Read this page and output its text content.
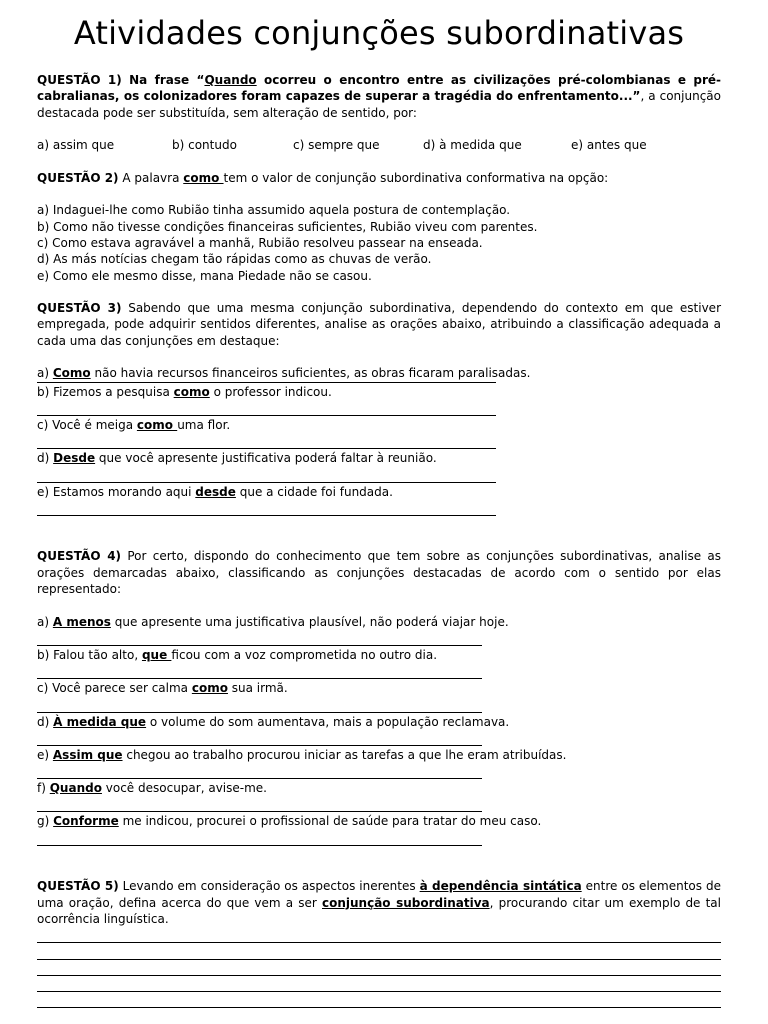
Atividades conjunções subordinativas

QUESTÃO 1) Na frase “Quando ocorreu o encontro entre as civilizações pré-colombianas e pré-cabralianas, os colonizadores foram capazes de superar a tragédia do enfrentamento...”, a conjunção destacada pode ser substituída, sem alteração de sentido, por:

a) assim que	b) contudo	c) sempre que	d) à medida que	e) antes que

QUESTÃO 2) A palavra como tem o valor de conjunção subordinativa conformativa na opção:

a) Indaguei-lhe como Rubião tinha assumido aquela postura de contemplação.

b) Como não tivesse condições financeiras suficientes, Rubião viveu com parentes.

c) Como estava agravável a manhã, Rubião resolveu passear na enseada.

d) As más notícias chegam tão rápidas como as chuvas de verão.

e) Como ele mesmo disse, mana Piedade não se casou.

QUESTÃO 3) Sabendo que uma mesma conjunção subordinativa, dependendo do contexto em que estiver empregada, pode adquirir sentidos diferentes, analise as orações abaixo, atribuindo a classificação adequada a cada uma das conjunções em destaque:

a) Como não havia recursos financeiros suficientes, as obras ficaram paralisadas.

b) Fizemos a pesquisa como o professor indicou.

c) Você é meiga como uma flor.

d) Desde que você apresente justificativa poderá faltar à reunião.

e) Estamos morando aqui desde que a cidade foi fundada.

QUESTÃO 4) Por certo, dispondo do conhecimento que tem sobre as conjunções subordinativas, analise as orações demarcadas abaixo, classificando as conjunções destacadas de acordo com o sentido por elas representado:

a) A menos que apresente uma justificativa plausível, não poderá viajar hoje.

b) Falou tão alto, que ficou com a voz comprometida no outro dia.

c) Você parece ser calma como sua irmã.

d) À medida que o volume do som aumentava, mais a população reclamava.

e) Assim que chegou ao trabalho procurou iniciar as tarefas a que lhe eram atribuídas.

f) Quando você desocupar, avise-me.

g) Conforme me indicou, procurei o profissional de saúde para tratar do meu caso.

QUESTÃO 5) Levando em consideração os aspectos inerentes à dependência sintática entre os elementos de uma oração, defina acerca do que vem a ser conjunção subordinativa, procurando citar um exemplo de tal ocorrência linguística.
